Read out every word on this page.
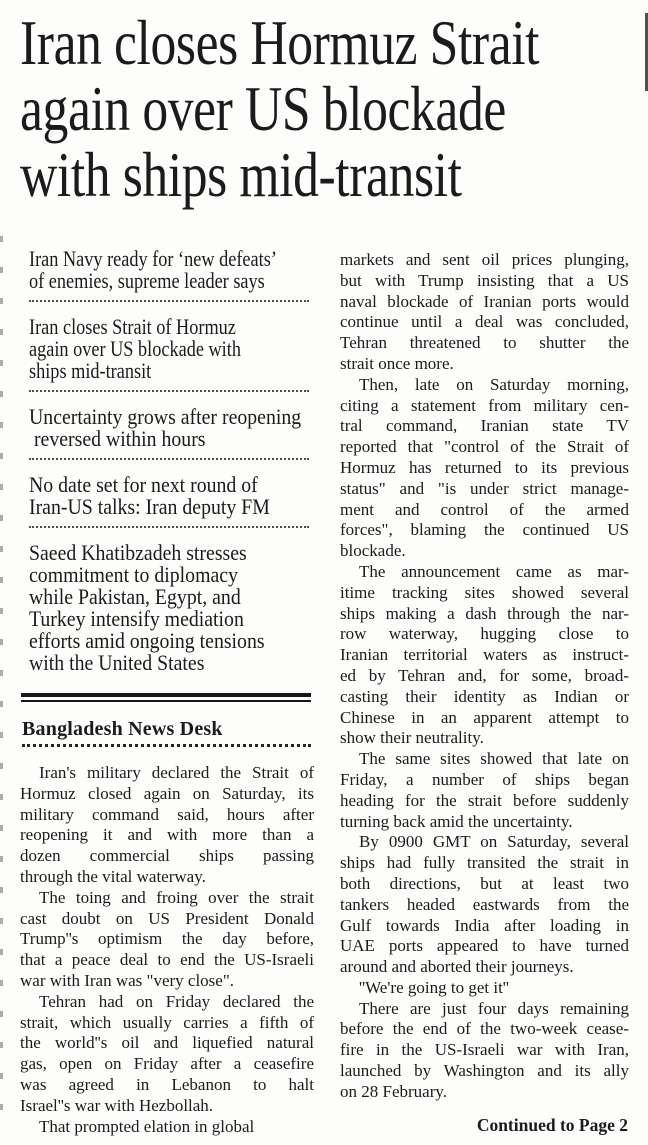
Iran closes Hormuz Strait
again over US blockade
with ships mid-transit
Iran Navy ready for ‘new defeats’
of enemies, supreme leader says
Iran closes Strait of Hormuz
again over US blockade with
ships mid-transit
Uncertainty grows after reopening
reversed within hours
No date set for next round of
Iran-US talks: Iran deputy FM
Saeed Khatibzadeh stresses
commitment to diplomacy
while Pakistan, Egypt, and
Turkey intensify mediation
efforts amid ongoing tensions
with the United States
Bangladesh News Desk
Iran's military declared the Strait of
Hormuz closed again on Saturday, its
military command said, hours after
reopening it and with more than a
dozen commercial ships passing
through the vital waterway.
The toing and froing over the strait
cast doubt on US President Donald
Trump''s optimism the day before,
that a peace deal to end the US-Israeli
war with Iran was "very close".
Tehran had on Friday declared the
strait, which usually carries a fifth of
the world''s oil and liquefied natural
gas, open on Friday after a ceasefire
was agreed in Lebanon to halt
Israel''s war with Hezbollah.
That prompted elation in global
markets and sent oil prices plunging,
but with Trump insisting that a US
naval blockade of Iranian ports would
continue until a deal was concluded,
Tehran threatened to shutter the
strait once more.
Then, late on Saturday morning,
citing a statement from military cen-
tral command, Iranian state TV
reported that "control of the Strait of
Hormuz has returned to its previous
status" and "is under strict manage-
ment and control of the armed
forces", blaming the continued US
blockade.
The announcement came as mar-
itime tracking sites showed several
ships making a dash through the nar-
row waterway, hugging close to
Iranian territorial waters as instruct-
ed by Tehran and, for some, broad-
casting their identity as Indian or
Chinese in an apparent attempt to
show their neutrality.
The same sites showed that late on
Friday, a number of ships began
heading for the strait before suddenly
turning back amid the uncertainty.
By 0900 GMT on Saturday, several
ships had fully transited the strait in
both directions, but at least two
tankers headed eastwards from the
Gulf towards India after loading in
UAE ports appeared to have turned
around and aborted their journeys.
''We're going to get it''
There are just four days remaining
before the end of the two-week cease-
fire in the US-Israeli war with Iran,
launched by Washington and its ally
on 28 February.
Continued to Page 2
